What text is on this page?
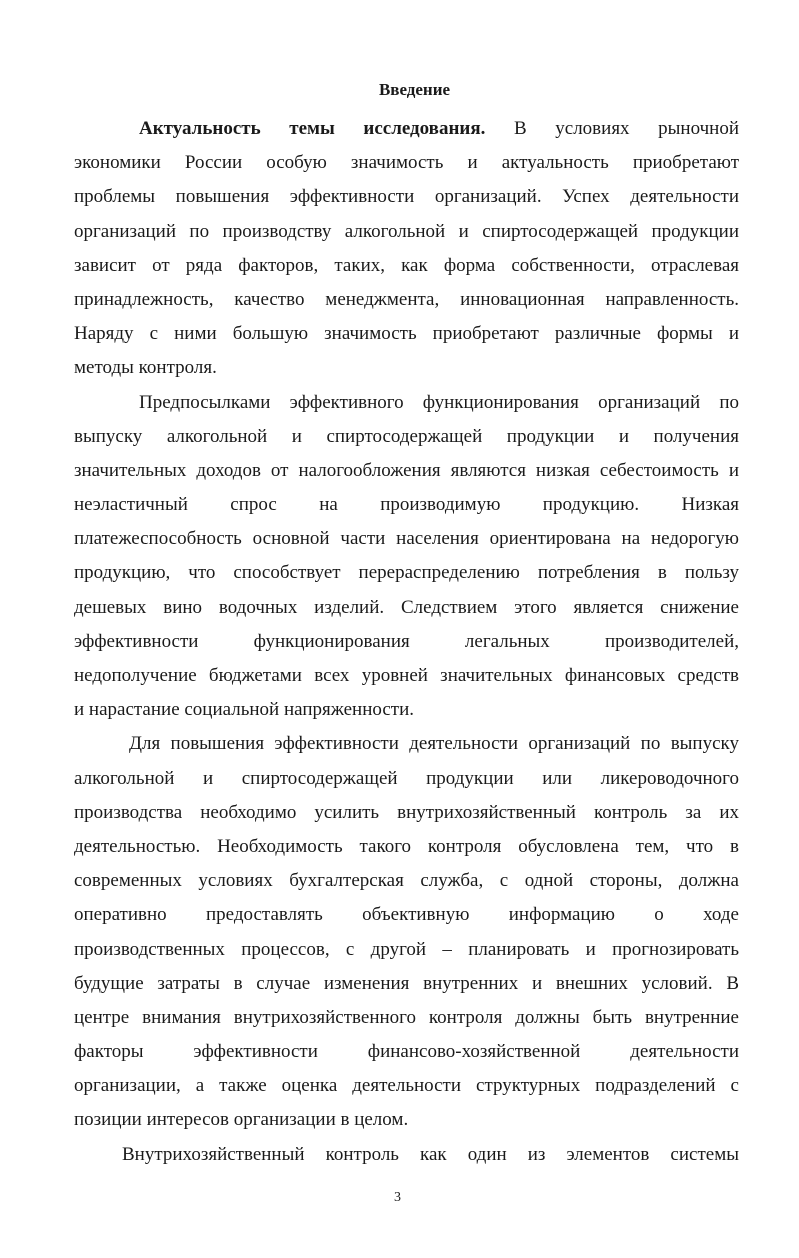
Введение
Актуальность темы исследования. В условиях рыночной
экономики России особую значимость и актуальность приобретают
проблемы повышения эффективности организаций. Успех деятельности
организаций по производству алкогольной и спиртосодержащей продукции
зависит от ряда факторов, таких, как форма собственности, отраслевая
принадлежность, качество менеджмента, инновационная направленность.
Наряду с ними большую значимость приобретают различные формы и
методы контроля.
Предпосылками эффективного функционирования организаций по
выпуску алкогольной и спиртосодержащей продукции и получения
значительных доходов от налогообложения являются низкая себестоимость и
неэластичный спрос на производимую продукцию. Низкая
платежеспособность основной части населения ориентирована на недорогую
продукцию, что способствует перераспределению потребления в пользу
дешевых вино водочных изделий. Следствием этого является снижение
эффективности функционирования легальных производителей,
недополучение бюджетами всех уровней значительных финансовых средств
и нарастание социальной напряженности.
Для повышения эффективности деятельности организаций по выпуску
алкогольной и спиртосодержащей продукции или ликероводочного
производства необходимо усилить внутрихозяйственный контроль за их
деятельностью. Необходимость такого контроля обусловлена тем, что в
современных условиях бухгалтерская служба, с одной стороны, должна
оперативно предоставлять объективную информацию о ходе
производственных процессов, с другой – планировать и прогнозировать
будущие затраты в случае изменения внутренних и внешних условий. В
центре внимания внутрихозяйственного контроля должны быть внутренние
факторы эффективности финансово-хозяйственной деятельности
организации, а также оценка деятельности структурных подразделений с
позиции интересов организации в целом.
Внутрихозяйственный контроль как один из элементов системы
3
